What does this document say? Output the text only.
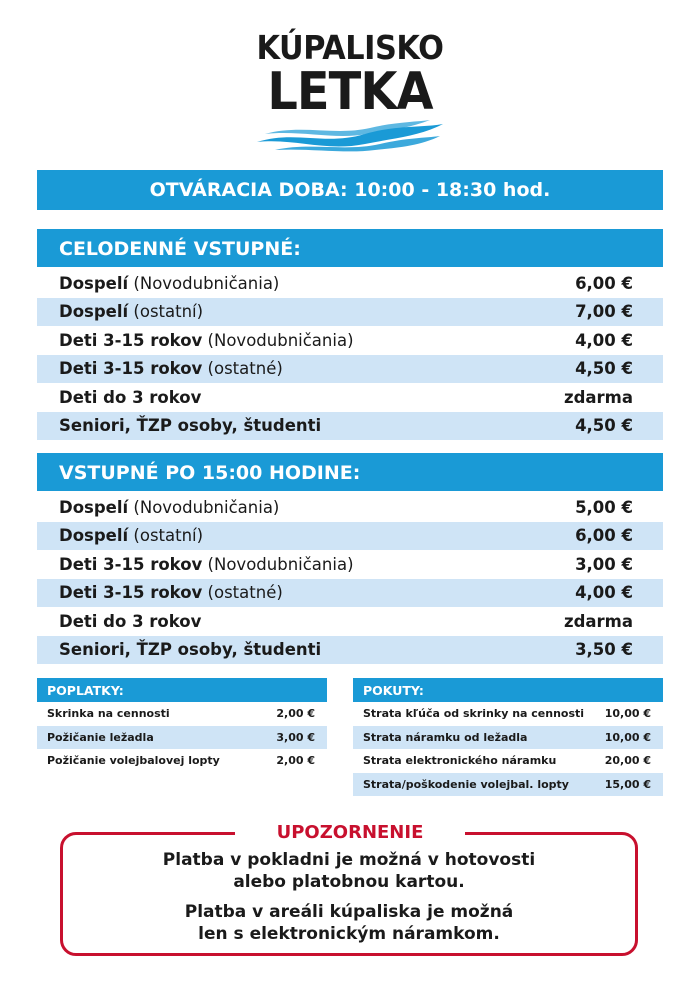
KÚPALISKO
LETKA
OTVÁRACIA DOBA: 10:00 - 18:30 hod.
CELODENNÉ VSTUPNÉ:
Dospelí (Novodubničania)	6,00 €
Dospelí (ostatní)	7,00 €
Deti 3-15 rokov (Novodubničania)	4,00 €
Deti 3-15 rokov (ostatné)	4,50 €
Deti do 3 rokov	zdarma
Seniori, ŤZP osoby, študenti	4,50 €
VSTUPNÉ PO 15:00 HODINE:
Dospelí (Novodubničania)	5,00 €
Dospelí (ostatní)	6,00 €
Deti 3-15 rokov (Novodubničania)	3,00 €
Deti 3-15 rokov (ostatné)	4,00 €
Deti do 3 rokov	zdarma
Seniori, ŤZP osoby, študenti	3,50 €
POPLATKY:
Skrinka na cennosti	2,00 €
Požičanie ležadla	3,00 €
Požičanie volejbalovej lopty	2,00 €
POKUTY:
Strata kľúča od skrinky na cennosti 10,00 €
Strata náramku od ležadla	10,00 €
Strata elektronického náramku	20,00 €
Strata/poškodenie volejbal. lopty	15,00 €
UPOZORNENIE
Platba v pokladni je možná v hotovosti
alebo platobnou kartou.
Platba v areáli kúpaliska je možná
len s elektronickým náramkom.
